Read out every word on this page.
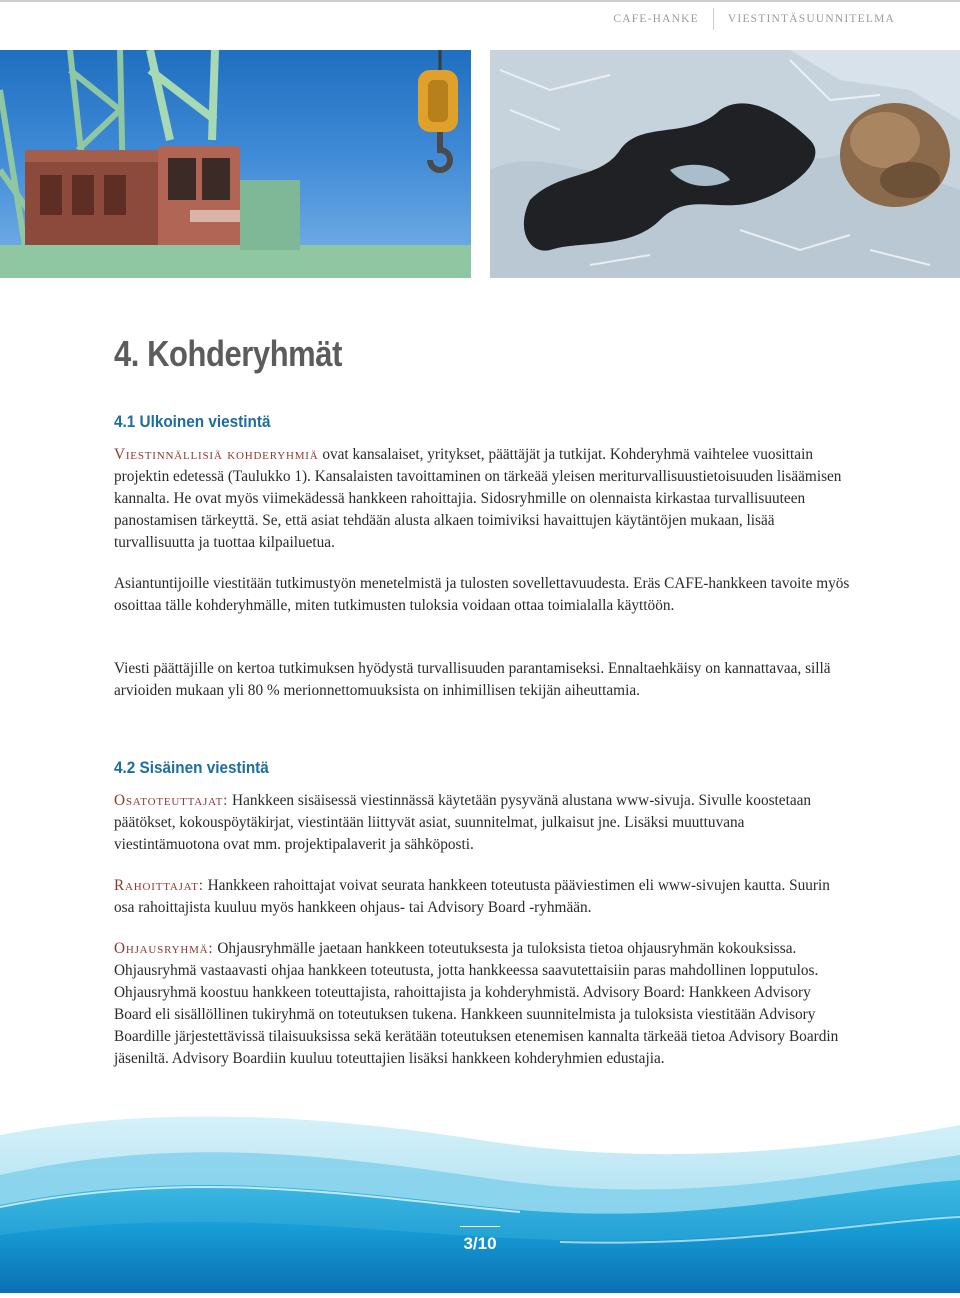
CAFE-HANKE	VIESTINTÄSUUNNITELMA
4. Kohderyhmät
4.1 Ulkoinen viestintä

Viestinnällisiä kohderyhmiä ovat kansalaiset, yritykset, päättäjät ja tutkijat. Kohderyhmä vaihtelee vuosittain projektin edetessä (Taulukko 1). Kansalaisten tavoittaminen on tärkeää yleisen meriturvallisuustietoisuuden lisäämisen kannalta. He ovat myös viimekädessä hankkeen rahoittajia. Sidosryhmille on olennaista kirkastaa turvallisuuteen panostamisen tärkeyttä. Se, että asiat tehdään alusta alkaen toimiviksi havaittujen käytäntöjen mukaan, lisää turvallisuutta ja tuottaa kilpailuetua.

Asiantuntijoille viestitään tutkimustyön menetelmistä ja tulosten sovellettavuudesta. Eräs CAFE-hankkeen tavoite myös osoittaa tälle kohderyhmälle, miten tutkimusten tuloksia voidaan ottaa toimialalla käyttöön.

Viesti päättäjille on kertoa tutkimuksen hyödystä turvallisuuden parantamiseksi. Ennaltaehkäisy on kannattavaa, sillä arvioiden mukaan yli 80 % merionnettomuuksista on inhimillisen tekijän aiheuttamia.

4.2 Sisäinen viestintä

Osatoteuttajat: Hankkeen sisäisessä viestinnässä käytetään pysyvänä alustana www-sivuja. Sivulle koostetaan päätökset, kokouspöytäkirjat, viestintään liittyvät asiat, suunnitelmat, julkaisut jne. Lisäksi muuttuvana viestintämuotona ovat mm. projektipalaverit ja sähköposti.

Rahoittajat: Hankkeen rahoittajat voivat seurata hankkeen toteutusta pääviestimen eli www-sivujen kautta. Suurin osa rahoittajista kuuluu myös hankkeen ohjaus- tai Advisory Board -ryhmään.

Ohjausryhmä: Ohjausryhmälle jaetaan hankkeen toteutuksesta ja tuloksista tietoa ohjausryhmän kokouksissa. Ohjausryhmä vastaavasti ohjaa hankkeen toteutusta, jotta hankkeessa saavutettaisiin paras mahdollinen lopputulos. Ohjausryhmä koostuu hankkeen toteuttajista, rahoittajista ja kohderyhmistä. Advisory Board: Hankkeen Advisory Board eli sisällöllinen tukiryhmä on toteutuksen tukena. Hankkeen suunnitelmista ja tuloksista viestitään Advisory Boardille järjestettävissä tilaisuuksissa sekä kerätään toteutuksen etenemisen kannalta tärkeää tietoa Advisory Boardin jäseniltä. Advisory Boardiin kuuluu toteuttajien lisäksi hankkeen kohderyhmien edustajia.

3/10
